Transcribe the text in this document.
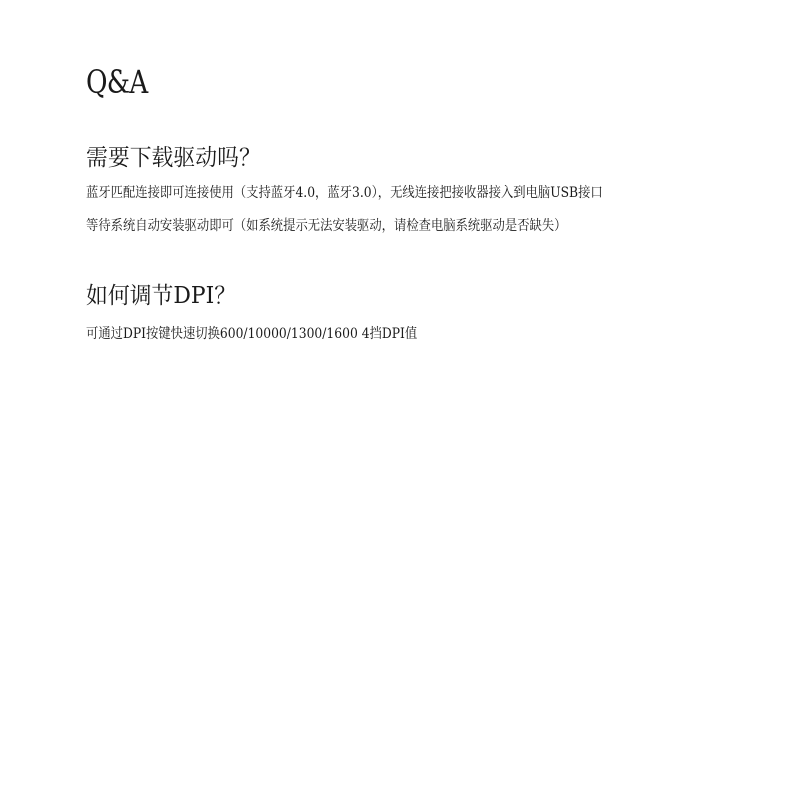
Q&A
需要下载驱动吗？
蓝牙匹配连接即可连接使用（支持蓝牙4.0，蓝牙3.0），无线连接把接收器接入到电脑USB接口
等待系统自动安装驱动即可（如系统提示无法安装驱动，请检查电脑系统驱动是否缺失）
如何调节DPI？
可通过DPI按键快速切换600/10000/1300/1600 4挡DPI值
